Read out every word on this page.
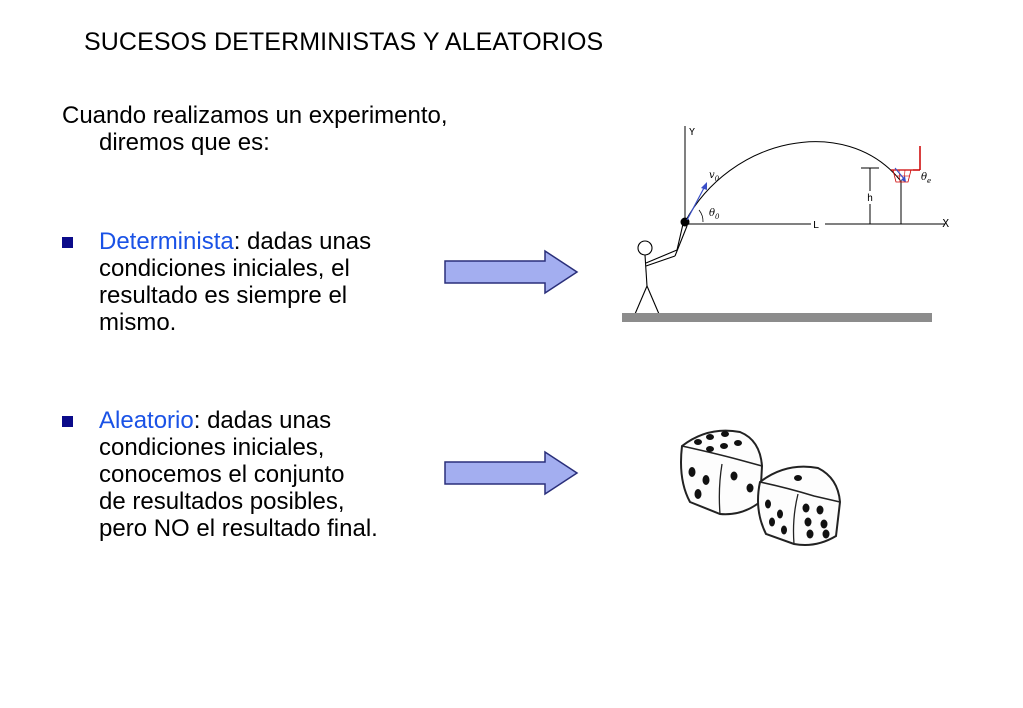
SUCESOS DETERMINISTAS Y ALEATORIOS
Cuando realizamos un experimento,
diremos que es:
Determinista: dadas unas
condiciones iniciales, el
resultado es siempre el
mismo.
Aleatorio: dadas unas
condiciones iniciales,
conocemos el conjunto
de resultados posibles,
pero NO el resultado final.
Y
X
L
$v_0$
$\theta_0$
h
$\theta_e$
